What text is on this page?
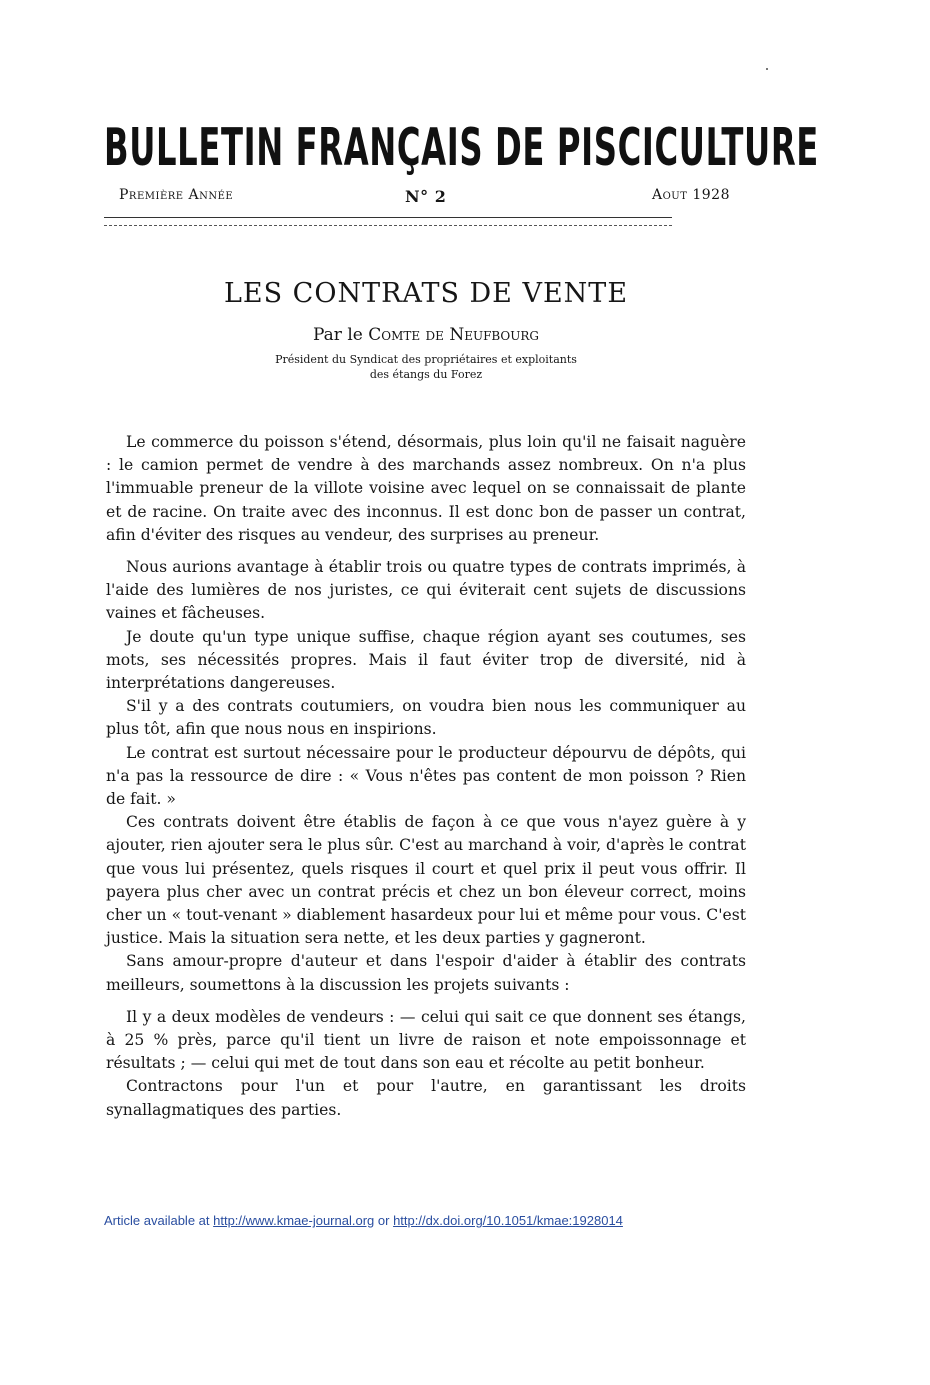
BULLETIN FRANÇAIS DE PISCICULTURE
Première Année	N° 2	Aout 1928
LES CONTRATS DE VENTE
Par le Comte de Neufbourg
Président du Syndicat des propriétaires et exploitants
des étangs du Forez

Le commerce du poisson s'étend, désormais, plus loin qu'il ne faisait naguère : le camion permet de vendre à des marchands assez nombreux. On n'a plus l'immuable preneur de la villote voisine avec lequel on se connaissait de plante et de racine. On traite avec des inconnus. Il est donc bon de passer un contrat, afin d'éviter des risques au vendeur, des surprises au preneur.

Nous aurions avantage à établir trois ou quatre types de contrats imprimés, à l'aide des lumières de nos juristes, ce qui éviterait cent sujets de discussions vaines et fâcheuses.

Je doute qu'un type unique suffise, chaque région ayant ses coutumes, ses mots, ses nécessités propres. Mais il faut éviter trop de diversité, nid à interprétations dangereuses.

S'il y a des contrats coutumiers, on voudra bien nous les communiquer au plus tôt, afin que nous nous en inspirions.

Le contrat est surtout nécessaire pour le producteur dépourvu de dépôts, qui n'a pas la ressource de dire : « Vous n'êtes pas content de mon poisson ? Rien de fait. »

Ces contrats doivent être établis de façon à ce que vous n'ayez guère à y ajouter, rien ajouter sera le plus sûr. C'est au marchand à voir, d'après le contrat que vous lui présentez, quels risques il court et quel prix il peut vous offrir. Il payera plus cher avec un contrat précis et chez un bon éleveur correct, moins cher un « tout-venant » diablement hasardeux pour lui et même pour vous. C'est justice. Mais la situation sera nette, et les deux parties y gagneront.

Sans amour-propre d'auteur et dans l'espoir d'aider à établir des contrats meilleurs, soumettons à la discussion les projets suivants :

Il y a deux modèles de vendeurs : — celui qui sait ce que donnent ses étangs, à 25 % près, parce qu'il tient un livre de raison et note empoissonnage et résultats ; — celui qui met de tout dans son eau et récolte au petit bonheur.

Contractons pour l'un et pour l'autre, en garantissant les droits synallagmatiques des parties.

Article available at http://www.kmae-journal.org or http://dx.doi.org/10.1051/kmae:1928014
